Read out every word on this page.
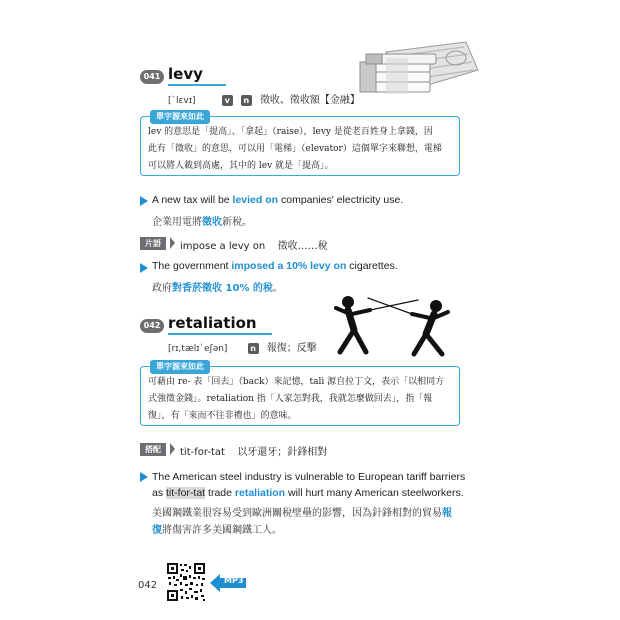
041 levy
[ˋlɛvɪ]	v n 徵收、徵收額【金融】
單字源來如此
lev 的意思是「提高」、「拿起」（raise），levy 是從老百姓身上拿錢，因
此有「徵收」的意思，可以用「電梯」（elevator）這個單字來聯想，電梯
可以將人載到高處，其中的 lev 就是「提高」。
A new tax will be levied on companies' electricity use.
企業用電將徵收新稅。
片語	impose a levy on 徵收……稅
The government imposed a 10% levy on cigarettes.
政府對香菸徵收 10% 的稅。
042 retaliation
[rɪ,tælɪˋeʃən]	n 報復；反擊
單字源來如此
可藉由 re- 表「回去」（back）來記憶，tali 源自拉丁文，表示「以相同方
式強徵金錢」。retaliation 指「人家怎對我，我就怎麼做回去」，指「報
復」，有「來而不往非禮也」的意味。
搭配	tit-for-tat 以牙還牙；針鋒相對
The American steel industry is vulnerable to European tariff barriers
as tit-for-tat trade retaliation will hurt many American steelworkers.
美國鋼鐵業很容易受到歐洲關稅壁壘的影響，因為針鋒相對的貿易報
復將傷害許多美國鋼鐵工人。
042	MP3
